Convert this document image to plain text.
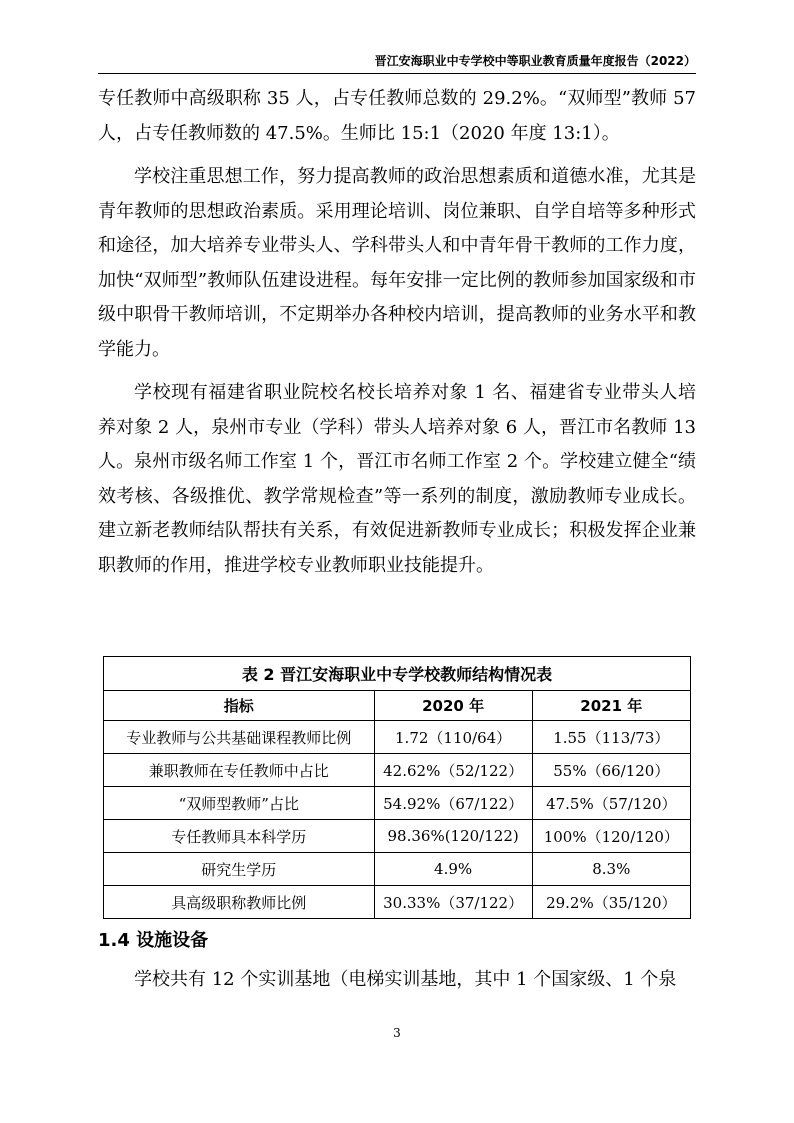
晋江安海职业中专学校中等职业教育质量年度报告（2022）

专任教师中高级职称 35 人，占专任教师总数的 29.2%。“双师型”教师 57 人，占专任教师数的 47.5%。生师比 15:1（2020 年度 13:1）。

学校注重思想工作，努力提高教师的政治思想素质和道德水准，尤其是青年教师的思想政治素质。采用理论培训、岗位兼职、自学自培等多种形式和途径，加大培养专业带头人、学科带头人和中青年骨干教师的工作力度，加快“双师型”教师队伍建设进程。每年安排一定比例的教师参加国家级和市级中职骨干教师培训，不定期举办各种校内培训，提高教师的业务水平和教学能力。

学校现有福建省职业院校名校长培养对象 1 名、福建省专业带头人培养对象 2 人，泉州市专业（学科）带头人培养对象 6 人，晋江市名教师 13 人。泉州市级名师工作室 1 个，晋江市名师工作室 2 个。学校建立健全“绩效考核、各级推优、教学常规检查”等一系列的制度，激励教师专业成长。建立新老教师结队帮扶有关系，有效促进新教师专业成长；积极发挥企业兼职教师的作用，推进学校专业教师职业技能提升。

表 2 晋江安海职业中专学校教师结构情况表		
指标	2020 年	2021 年
专业教师与公共基础课程教师比例	1.72（110/64）	1.55（113/73）
兼职教师在专任教师中占比	42.62%（52/122）	55%（66/120）
“双师型教师”占比	54.92%（67/122）	47.5%（57/120）
专任教师具本科学历	98.36%(120/122)	100%（120/120）
研究生学历	4.9%	8.3%
具高级职称教师比例	30.33%（37/122）	29.2%（35/120）
1.4 设施设备

学校共有 12 个实训基地（电梯实训基地，其中 1 个国家级、1 个泉

3
